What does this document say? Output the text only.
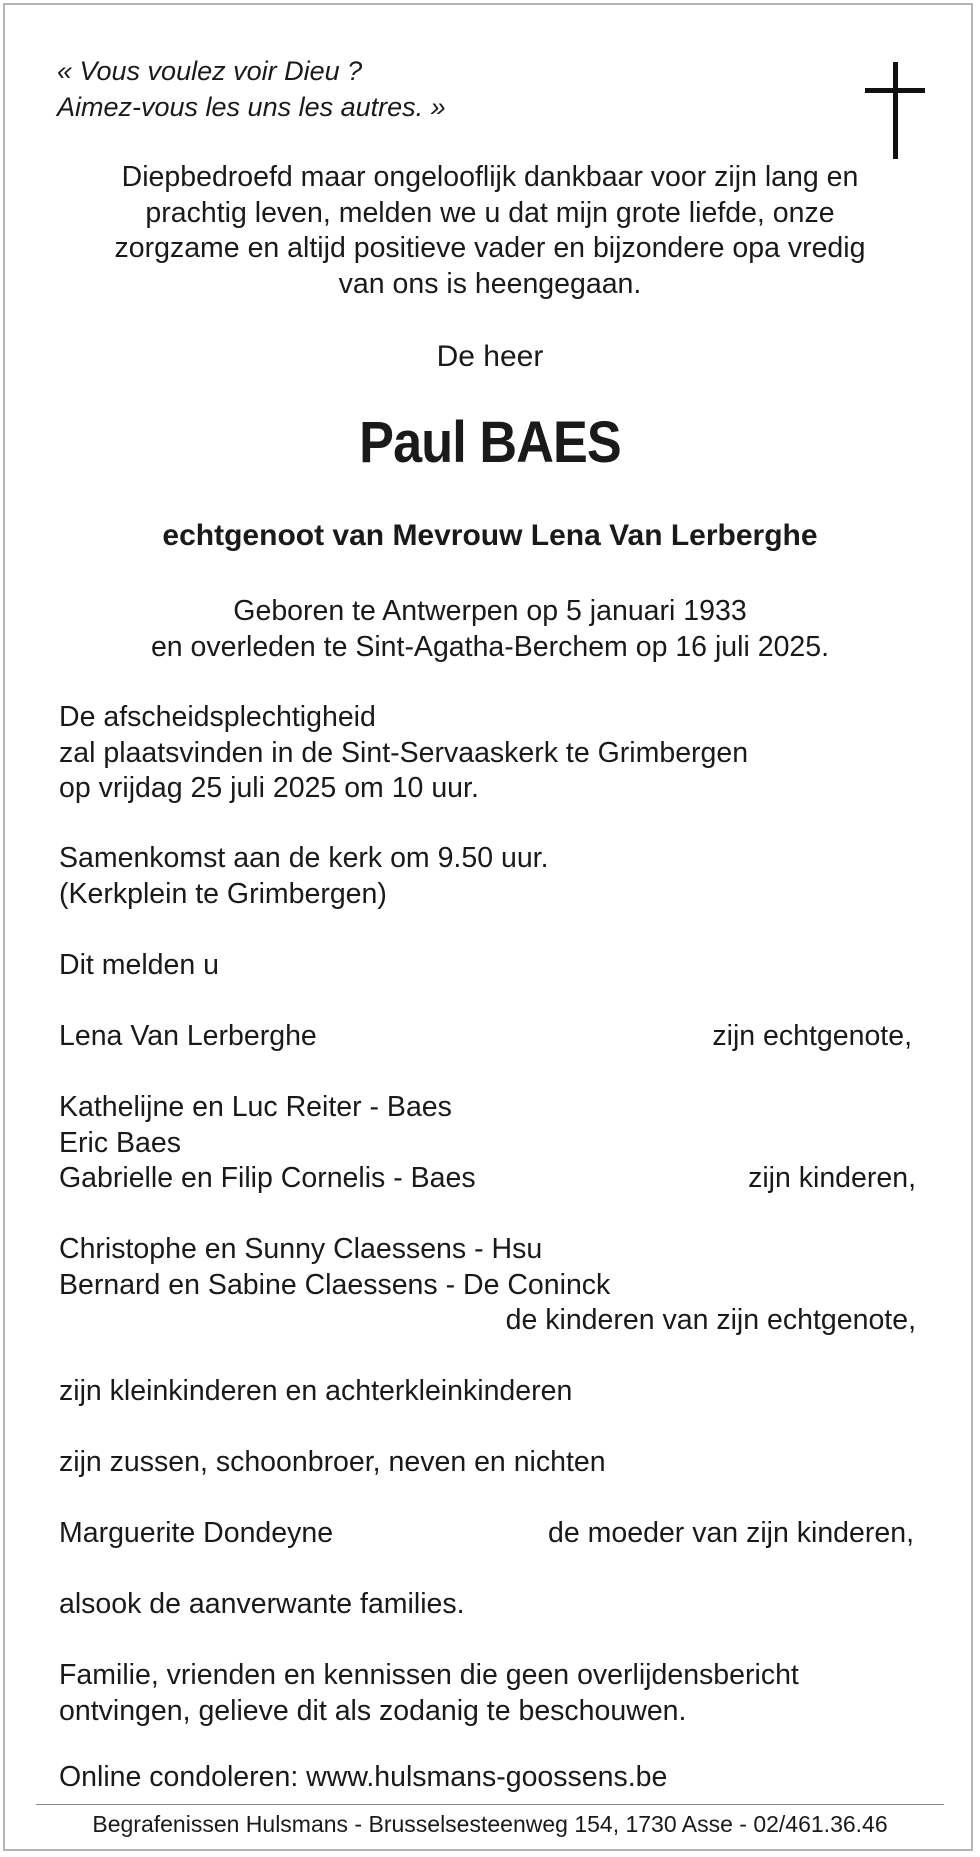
« Vous voulez voir Dieu ?
Aimez-vous les uns les autres. »
Diepbedroefd maar ongelooflijk dankbaar voor zijn lang en
prachtig leven, melden we u dat mijn grote liefde, onze
zorgzame en altijd positieve vader en bijzondere opa vredig
van ons is heengegaan.
De heer
Paul BAES
echtgenoot van Mevrouw Lena Van Lerberghe
Geboren te Antwerpen op 5 januari 1933
en overleden te Sint-Agatha-Berchem op 16 juli 2025.
De afscheidsplechtigheid
zal plaatsvinden in de Sint-Servaaskerk te Grimbergen
op vrijdag 25 juli 2025 om 10 uur.
Samenkomst aan de kerk om 9.50 uur.
(Kerkplein te Grimbergen)
Dit melden u
Lena Van Lerberghe	zijn echtgenote,
Kathelijne en Luc Reiter - Baes
Eric Baes
Gabrielle en Filip Cornelis - Baes	zijn kinderen,
Christophe en Sunny Claessens - Hsu
Bernard en Sabine Claessens - De Coninck
de kinderen van zijn echtgenote,
zijn kleinkinderen en achterkleinkinderen
zijn zussen, schoonbroer, neven en nichten
Marguerite Dondeyne	de moeder van zijn kinderen,
alsook de aanverwante families.
Familie, vrienden en kennissen die geen overlijdensbericht
ontvingen, gelieve dit als zodanig te beschouwen.
Online condoleren: www.hulsmans-goossens.be
Begrafenissen Hulsmans - Brusselsesteenweg 154, 1730 Asse - 02/461.36.46
